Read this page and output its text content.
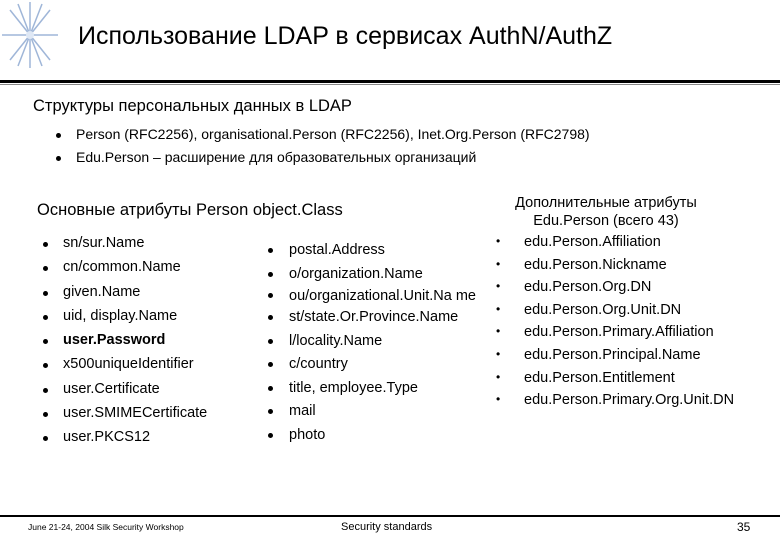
Использование LDAP в сервисах AuthN/AuthZ
Структуры персональных данных в LDAP
Person (RFC2256), organisational.Person (RFC2256), Inet.Org.Person (RFC2798)
Edu.Person – расширение для образовательных организаций
Основные атрибуты Person object.Class
sn/sur.Name
cn/common.Name
given.Name
uid, display.Name
user.Password
x500uniqueIdentifier
user.Certificate
user.SMIMECertificate
user.PKCS12
postal.Address
o/organization.Name
ou/organizational.Unit.Na me
st/state.Or.Province.Name
l/locality.Name
c/country
title, employee.Type
mail
photo
Дополнительные атрибуты
Edu.Person (всего 43)
• edu.Person.Affiliation
• edu.Person.Nickname
• edu.Person.Org.DN
• edu.Person.Org.Unit.DN
• edu.Person.Primary.Affiliation
• edu.Person.Principal.Name
• edu.Person.Entitlement
• edu.Person.Primary.Org.Unit.DN
June 21-24, 2004 Silk Security Workshop	Security standards	35
